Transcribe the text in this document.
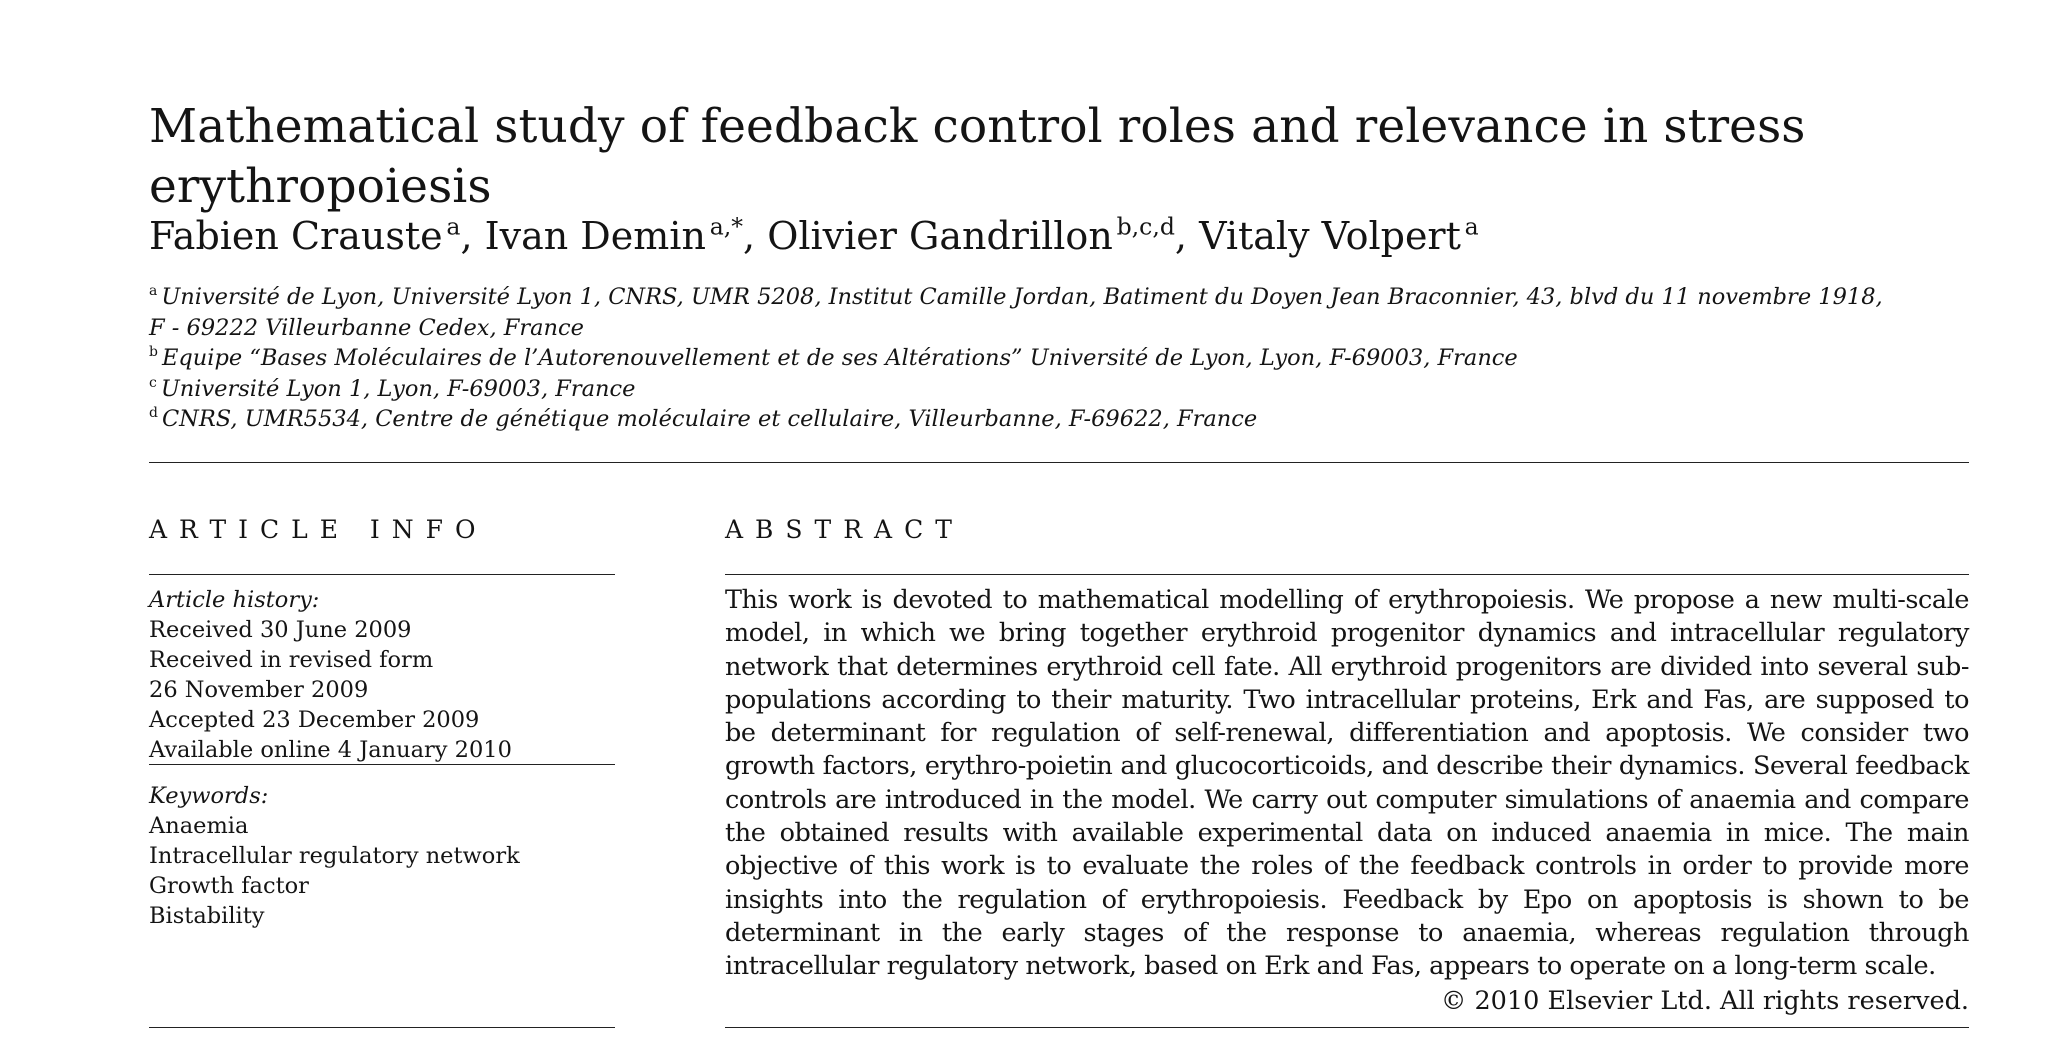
Mathematical study of feedback control roles and relevance in stress erythropoiesis
Fabien Crauste  $^a$, Ivan Demin  $^{a,*}$, Olivier Gandrillon  $^{b,c,d}$, Vitaly Volpert  $^a$
$^a$ Université de Lyon, Université Lyon 1, CNRS, UMR 5208, Institut Camille Jordan, Batiment du Doyen Jean Braconnier, 43, blvd du 11 novembre 1918,
F - 69222 Villeurbanne Cedex, France
$^b$ Equipe “Bases Moléculaires de l’Autorenouvellement et de ses Altérations” Université de Lyon, Lyon, F-69003, France
$^c$ Université Lyon 1, Lyon, F-69003, France
$^d$ CNRS, UMR5534, Centre de génétique moléculaire et cellulaire, Villeurbanne, F-69622, France
ARTICLE INFO
Article history:
Received 30 June 2009
Received in revised form
26 November 2009
Accepted 23 December 2009
Available online 4 January 2010
Keywords:
Anaemia
Intracellular regulatory network
Growth factor
Bistability
ABSTRACT

This work is devoted to mathematical modelling of erythropoiesis. We propose a new multi-scale model, in which we bring together erythroid progenitor dynamics and intracellular regulatory network that determines erythroid cell fate. All erythroid progenitors are divided into several sub-populations according to their maturity. Two intracellular proteins, Erk and Fas, are supposed to be determinant for regulation of self-renewal, differentiation and apoptosis. We consider two growth factors, erythro-poietin and glucocorticoids, and describe their dynamics. Several feedback controls are introduced in the model. We carry out computer simulations of anaemia and compare the obtained results with available experimental data on induced anaemia in mice. The main objective of this work is to evaluate the roles of the feedback controls in order to provide more insights into the regulation of erythropoiesis. Feedback by Epo on apoptosis is shown to be determinant in the early stages of the response to anaemia, whereas regulation through intracellular regulatory network, based on Erk and Fas, appears to operate on a long-term scale.

© 2010 Elsevier Ltd. All rights reserved.
